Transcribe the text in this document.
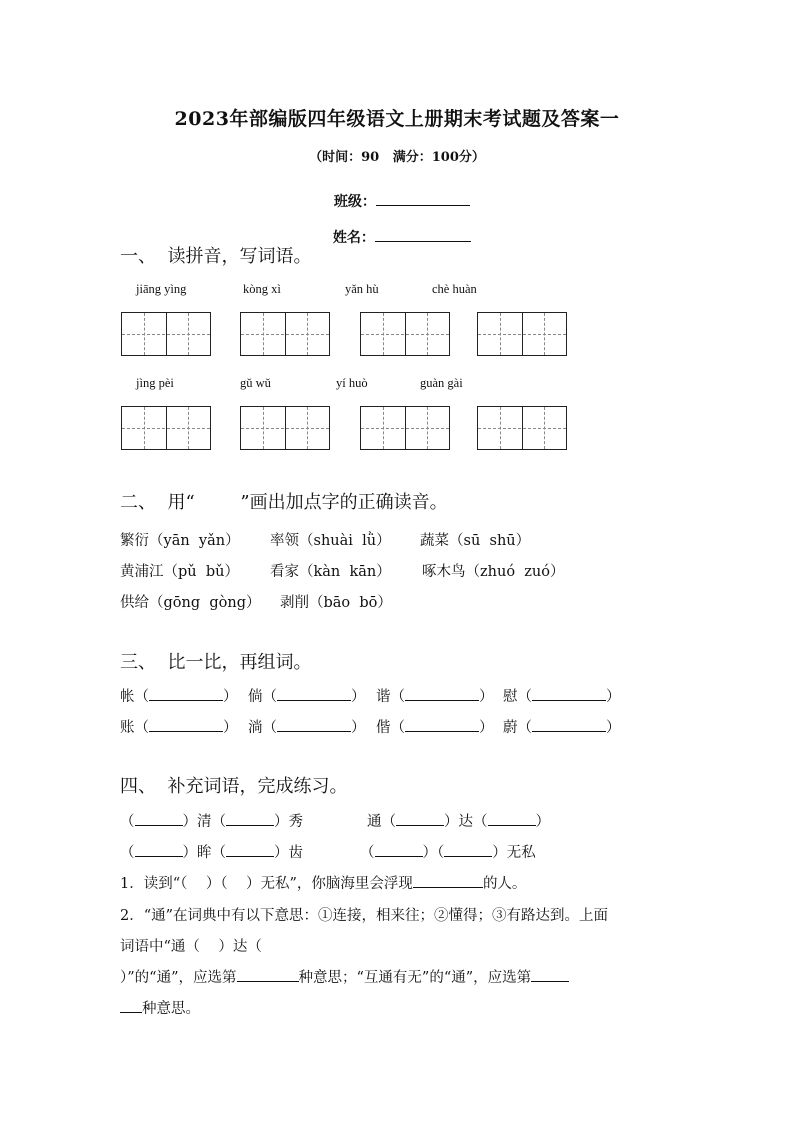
2023年部编版四年级语文上册期末考试题及答案一
（时间：90   满分：100分）

班级：

姓名：

一、  读拼音，写词语。
jiāng yìng	kòng xì	yǎn hù	chè huàn
jìng pèi	gǔ wǔ	yí huò	guàn gài
二、  用“        ”画出加点字的正确读音。
繁衍（yān  yǎn） 率领（shuài  lǜ） 蔬菜（sū  shū）
黄浦江（pǔ  bǔ） 看家（kàn  kān） 啄木鸟（zhuó  zuó）
供给（gōng  gòng） 剥削（bāo  bō）
三、  比一比，再组词。
帐（	） 倘（	） 谐（	） 慰（	）
账（	） 淌（	） 偕（	） 蔚（	）
四、  补充词语，完成练习。
（	）清（	）秀	通（	）达（	）
（	）眸（	）齿	（	）（	）无私
1．读到“（    ）（    ）无私”，你脑海里会浮现	的人。
2．“通”在词典中有以下意思：①连接，相来往；②懂得；③有路达到。上面
词语中“通（    ）达（
）”的“通”，应选第	种意思；“互通有无”的“通”，应选第
种意思。
